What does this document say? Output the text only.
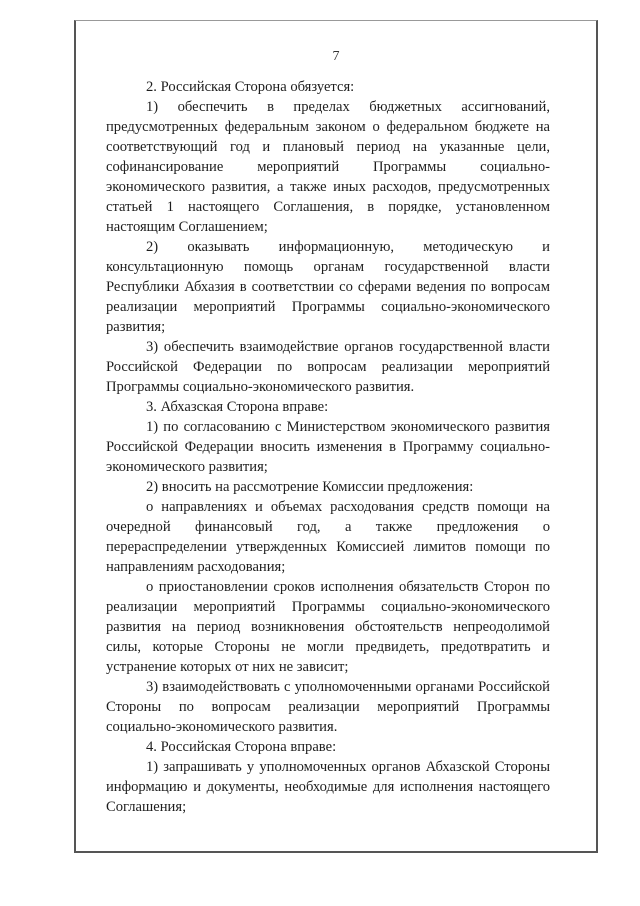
7

2. Российская Сторона обязуется:

1) обеспечить в пределах бюджетных ассигнований, предусмотренных федеральным законом о федеральном бюджете на соответствующий год и плановый период на указанные цели, софинансирование мероприятий Программы социально-экономического развития, а также иных расходов, предусмотренных статьей 1 настоящего Соглашения, в порядке, установленном настоящим Соглашением;

2) оказывать информационную, методическую и консультационную помощь органам государственной власти Республики Абхазия в соответствии со сферами ведения по вопросам реализации мероприятий Программы социально-экономического развития;

3) обеспечить взаимодействие органов государственной власти Российской Федерации по вопросам реализации мероприятий Программы социально-экономического развития.

3. Абхазская Сторона вправе:

1) по согласованию с Министерством экономического развития Российской Федерации вносить изменения в Программу социально-экономического развития;

2) вносить на рассмотрение Комиссии предложения:

о направлениях и объемах расходования средств помощи на очередной финансовый год, а также предложения о перераспределении утвержденных Комиссией лимитов помощи по направлениям расходования;

о приостановлении сроков исполнения обязательств Сторон по реализации мероприятий Программы социально-экономического развития на период возникновения обстоятельств непреодолимой силы, которые Стороны не могли предвидеть, предотвратить и устранение которых от них не зависит;

3) взаимодействовать с уполномоченными органами Российской Стороны по вопросам реализации мероприятий Программы социально-экономического развития.

4. Российская Сторона вправе:

1) запрашивать у уполномоченных органов Абхазской Стороны информацию и документы, необходимые для исполнения настоящего Соглашения;
